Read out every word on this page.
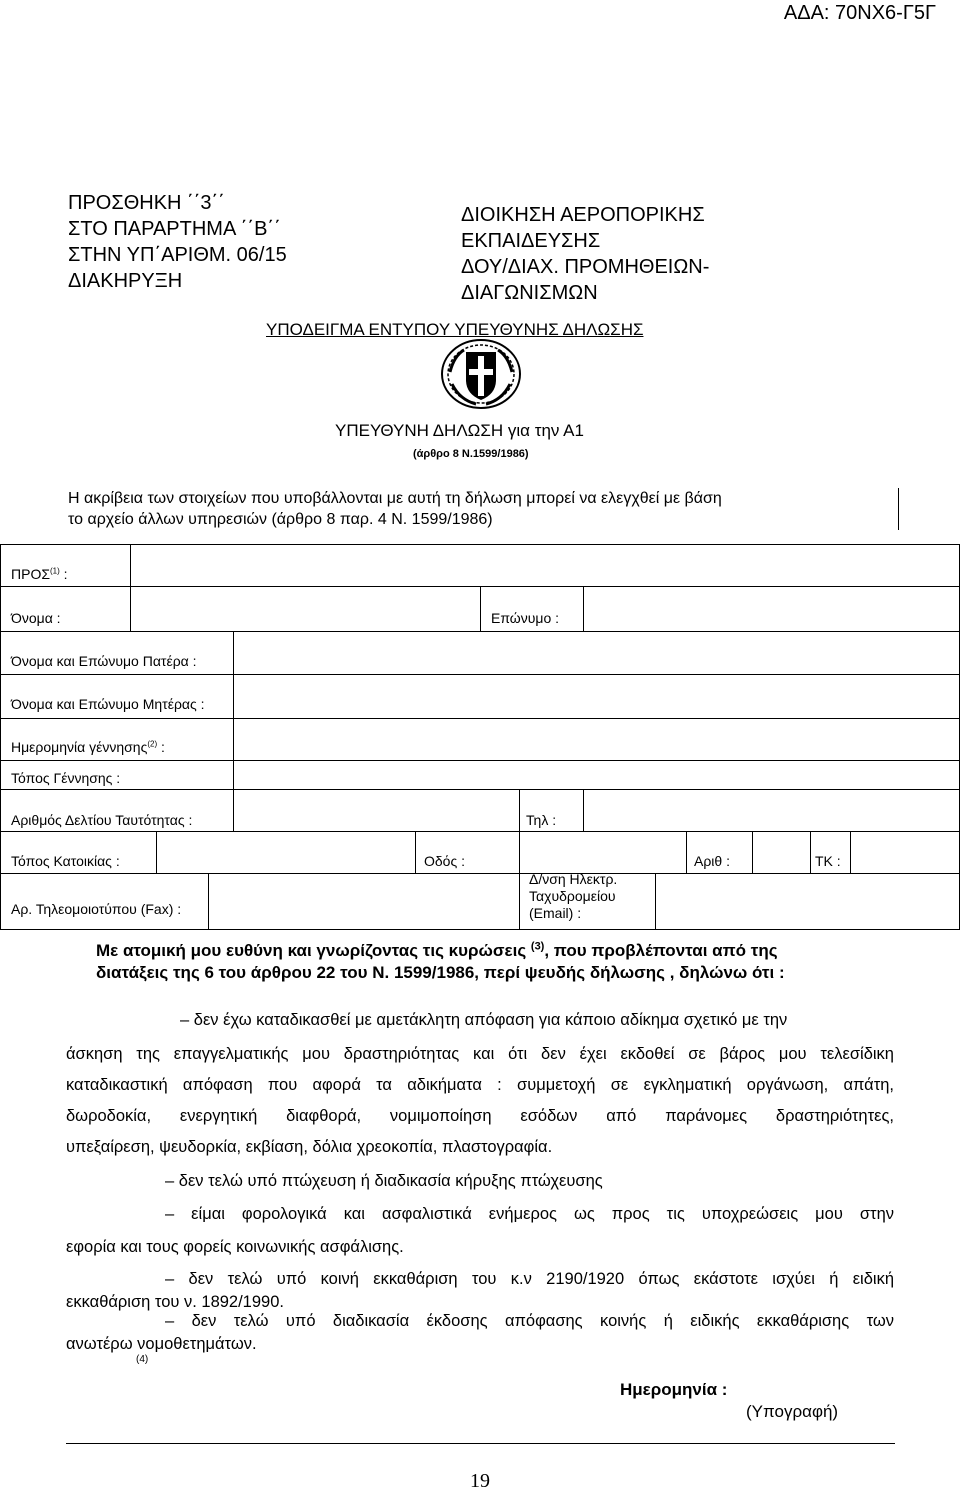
ΑΔΑ: 70ΝΧ6-Γ5Γ
ΠΡΟΣΘΗΚΗ ΄΄3΄΄
ΣΤΟ ΠΑΡΑΡΤΗΜΑ ΄΄Β΄΄
ΣΤΗΝ ΥΠ΄ΑΡΙΘΜ. 06/15
ΔΙΑΚΗΡΥΞΗ
ΔΙΟΙΚΗΣΗ ΑΕΡΟΠΟΡΙΚΗΣ
ΕΚΠΑΙΔΕΥΣΗΣ
ΔΟΥ/ΔΙΑΧ. ΠΡΟΜΗΘΕΙΩΝ-
ΔΙΑΓΩΝΙΣΜΩΝ
ΥΠΟΔΕΙΓΜΑ ΕΝΤΥΠΟΥ ΥΠΕΥΘΥΝΗΣ ΔΗΛΩΣΗΣ
ΥΠΕΥΘΥΝΗ ΔΗΛΩΣΗ για την Α1
(άρθρο 8 Ν.1599/1986)
Η ακρίβεια των στοιχείων που υποβάλλονται με αυτή τη δήλωση μπορεί να ελεγχθεί με βάση
το αρχείο άλλων υπηρεσιών (άρθρο 8 παρ. 4 Ν. 1599/1986)
ΠΡΟΣ$^{(1)}$ :
Όνομα :	Επώνυμο :
Όνομα και Επώνυμο Πατέρα :
Όνομα και Επώνυμο Μητέρας :
Ημερομηνία γέννησης$^{(2)}$ :
Τόπος Γέννησης :
Αριθμός Δελτίου Ταυτότητας :	Τηλ :
Τόπος Κατοικίας :	Οδός :	Αριθ :	ΤΚ :
Αρ. Τηλεομοιοτύπου (Fax) :
Δ/νση Ηλεκτρ.
Ταχυδρομείου
(Email) :
Με ατομική μου ευθύνη και γνωρίζοντας τις κυρώσεις $^{(3)}$, που προβλέπονται από της
διατάξεις της 6 του άρθρου 22 του Ν. 1599/1986, περί ψευδής δήλωσης , δηλώνω ότι :
– δεν έχω καταδικασθεί με αμετάκλητη απόφαση για κάποιο αδίκημα σχετικό με την
άσκηση της επαγγελματικής μου δραστηριότητας και ότι δεν έχει εκδοθεί σε βάρος μου τελεσίδικη
καταδικαστική απόφαση που αφορά τα αδικήματα : συμμετοχή σε εγκληματική οργάνωση, απάτη,
δωροδοκία, ενεργητική διαφθορά, νομιμοποίηση εσόδων από παράνομες δραστηριότητες,
υπεξαίρεση, ψευδορκία, εκβίαση, δόλια χρεοκοπία, πλαστογραφία.
– δεν τελώ υπό πτώχευση ή διαδικασία κήρυξης πτώχευσης
– είμαι φορολογικά και ασφαλιστικά ενήμερος ως προς τις υποχρεώσεις μου στην
εφορία και τους φορείς κοινωνικής ασφάλισης.
– δεν τελώ υπό κοινή εκκαθάριση του κ.ν 2190/1920 όπως εκάστοτε ισχύει ή ειδική
εκκαθάριση του ν. 1892/1990.
– δεν τελώ υπό διαδικασία έκδοσης απόφασης κοινής ή ειδικής εκκαθάρισης των
ανωτέρω νομοθετημάτων.
(4)
Ημερομηνία :
(Υπογραφή)
19
